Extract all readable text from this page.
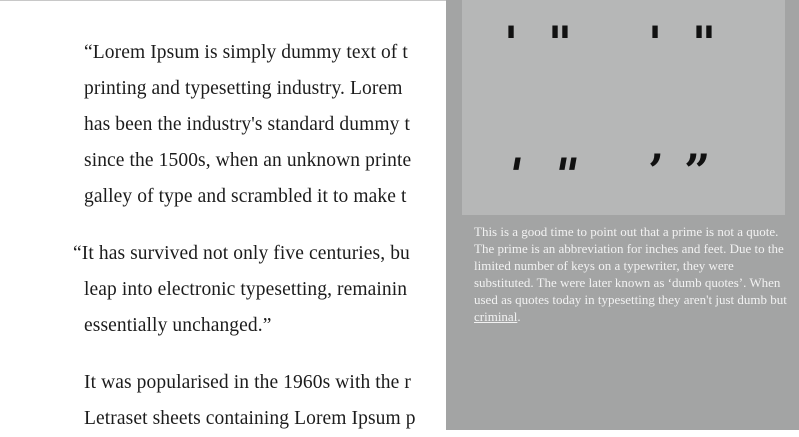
“Lorem Ipsum is simply dummy text of t
printing and typesetting industry. Lorem
has been the industry's standard dummy t
since the 1500s, when an unknown printe
galley of type and scrambled it to make t
“It has survived not only five centuries, bu
leap into electronic typesetting, remainin
essentially unchanged.”
It was popularised in the 1960s with the r
Letraset sheets containing Lorem Ipsum p
' " ' "
' " ’ ”
This is a good time to point out that a prime is not a quote. The prime is an abbreviation for inches and feet. Due to the limited number of keys on a typewriter, they were substituted. The were later known as ‘dumb quotes’. When used as quotes today in typesetting they aren't just dumb but criminal.
